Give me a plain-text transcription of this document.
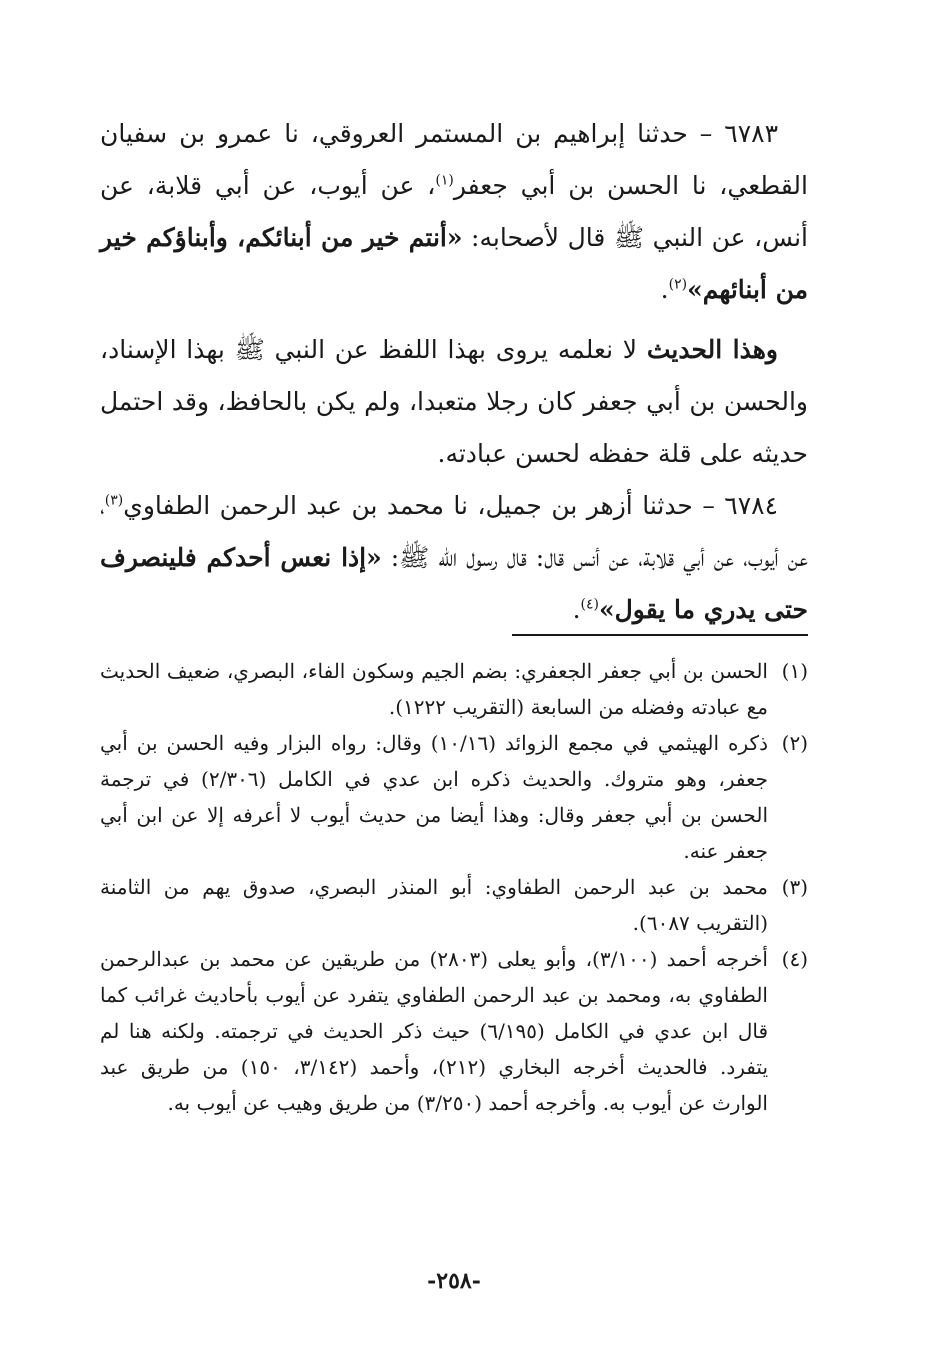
٦٧٨٣ – حدثنا إبراهيم بن المستمر العروقي، نا عمرو بن سفيان القطعي، نا الحسن بن أبي جعفر$^{(١)}$، عن أيوب، عن أبي قلابة، عن أنس، عن النبي ﷺ قال لأصحابه: «أنتم خير من أبنائكم، وأبناؤكم خير من أبنائهم»$^{(٢)}$.

وهذا الحديث لا نعلمه يروى بهذا اللفظ عن النبي ﷺ بهذا الإسناد، والحسن بن أبي جعفر كان رجلا متعبدا، ولم يكن بالحافظ، وقد احتمل حديثه على قلة حفظه لحسن عبادته.

٦٧٨٤ – حدثنا أزهر بن جميل، نا محمد بن عبد الرحمن الطفاوي$^{(٣)}$، عن أيوب، عن أبي قلابة، عن أنس قال: قال رسول الله ﷺ: «إذا نعس أحدكم فلينصرف حتى يدري ما يقول»$^{(٤)}$.

(١)
الحسن بن أبي جعفر الجعفري: بضم الجيم وسكون الفاء، البصري، ضعيف الحديث مع عبادته وفضله من السابعة (التقريب ١٢٢٢).
(٢)
ذكره الهيثمي في مجمع الزوائد (١٠/١٦) وقال: رواه البزار وفيه الحسن بن أبي جعفر، وهو متروك. والحديث ذكره ابن عدي في الكامل (٢/٣٠٦) في ترجمة الحسن بن أبي جعفر وقال: وهذا أيضا من حديث أيوب لا أعرفه إلا عن ابن أبي جعفر عنه.
(٣)
محمد بن عبد الرحمن الطفاوي: أبو المنذر البصري، صدوق يهم من الثامنة (التقريب ٦٠٨٧).
(٤)
أخرجه أحمد (٣/١٠٠)، وأبو يعلى (٢٨٠٣) من طريقين عن محمد بن عبدالرحمن الطفاوي به، ومحمد بن عبد الرحمن الطفاوي يتفرد عن أيوب بأحاديث غرائب كما قال ابن عدي في الكامل (٦/١٩٥) حيث ذكر الحديث في ترجمته. ولكنه هنا لم يتفرد. فالحديث أخرجه البخاري (٢١٢)، وأحمد (٣/١٤٢، ١٥٠) من طريق عبد الوارث عن أيوب به. وأخرجه أحمد (٣/٢٥٠) من طريق وهيب عن أيوب به.
-٢٥٨-
